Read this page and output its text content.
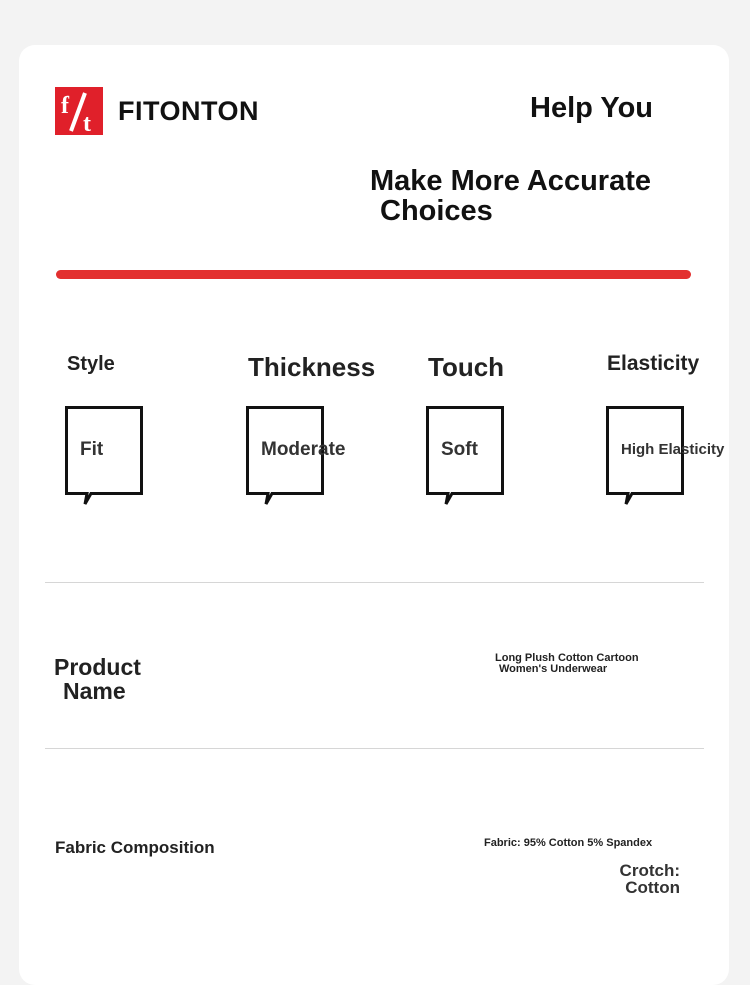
f
t FITONTON	Help You
Make More Accurate
Choices
Style
Fit
Thickness
Moderate
Touch
Soft
Elasticity
High Elasticity
Product
Name
Long Plush Cotton Cartoon
Women's Underwear
Fabric Composition	Fabric: 95% Cotton 5% Spandex
Crotch:
Cotton
